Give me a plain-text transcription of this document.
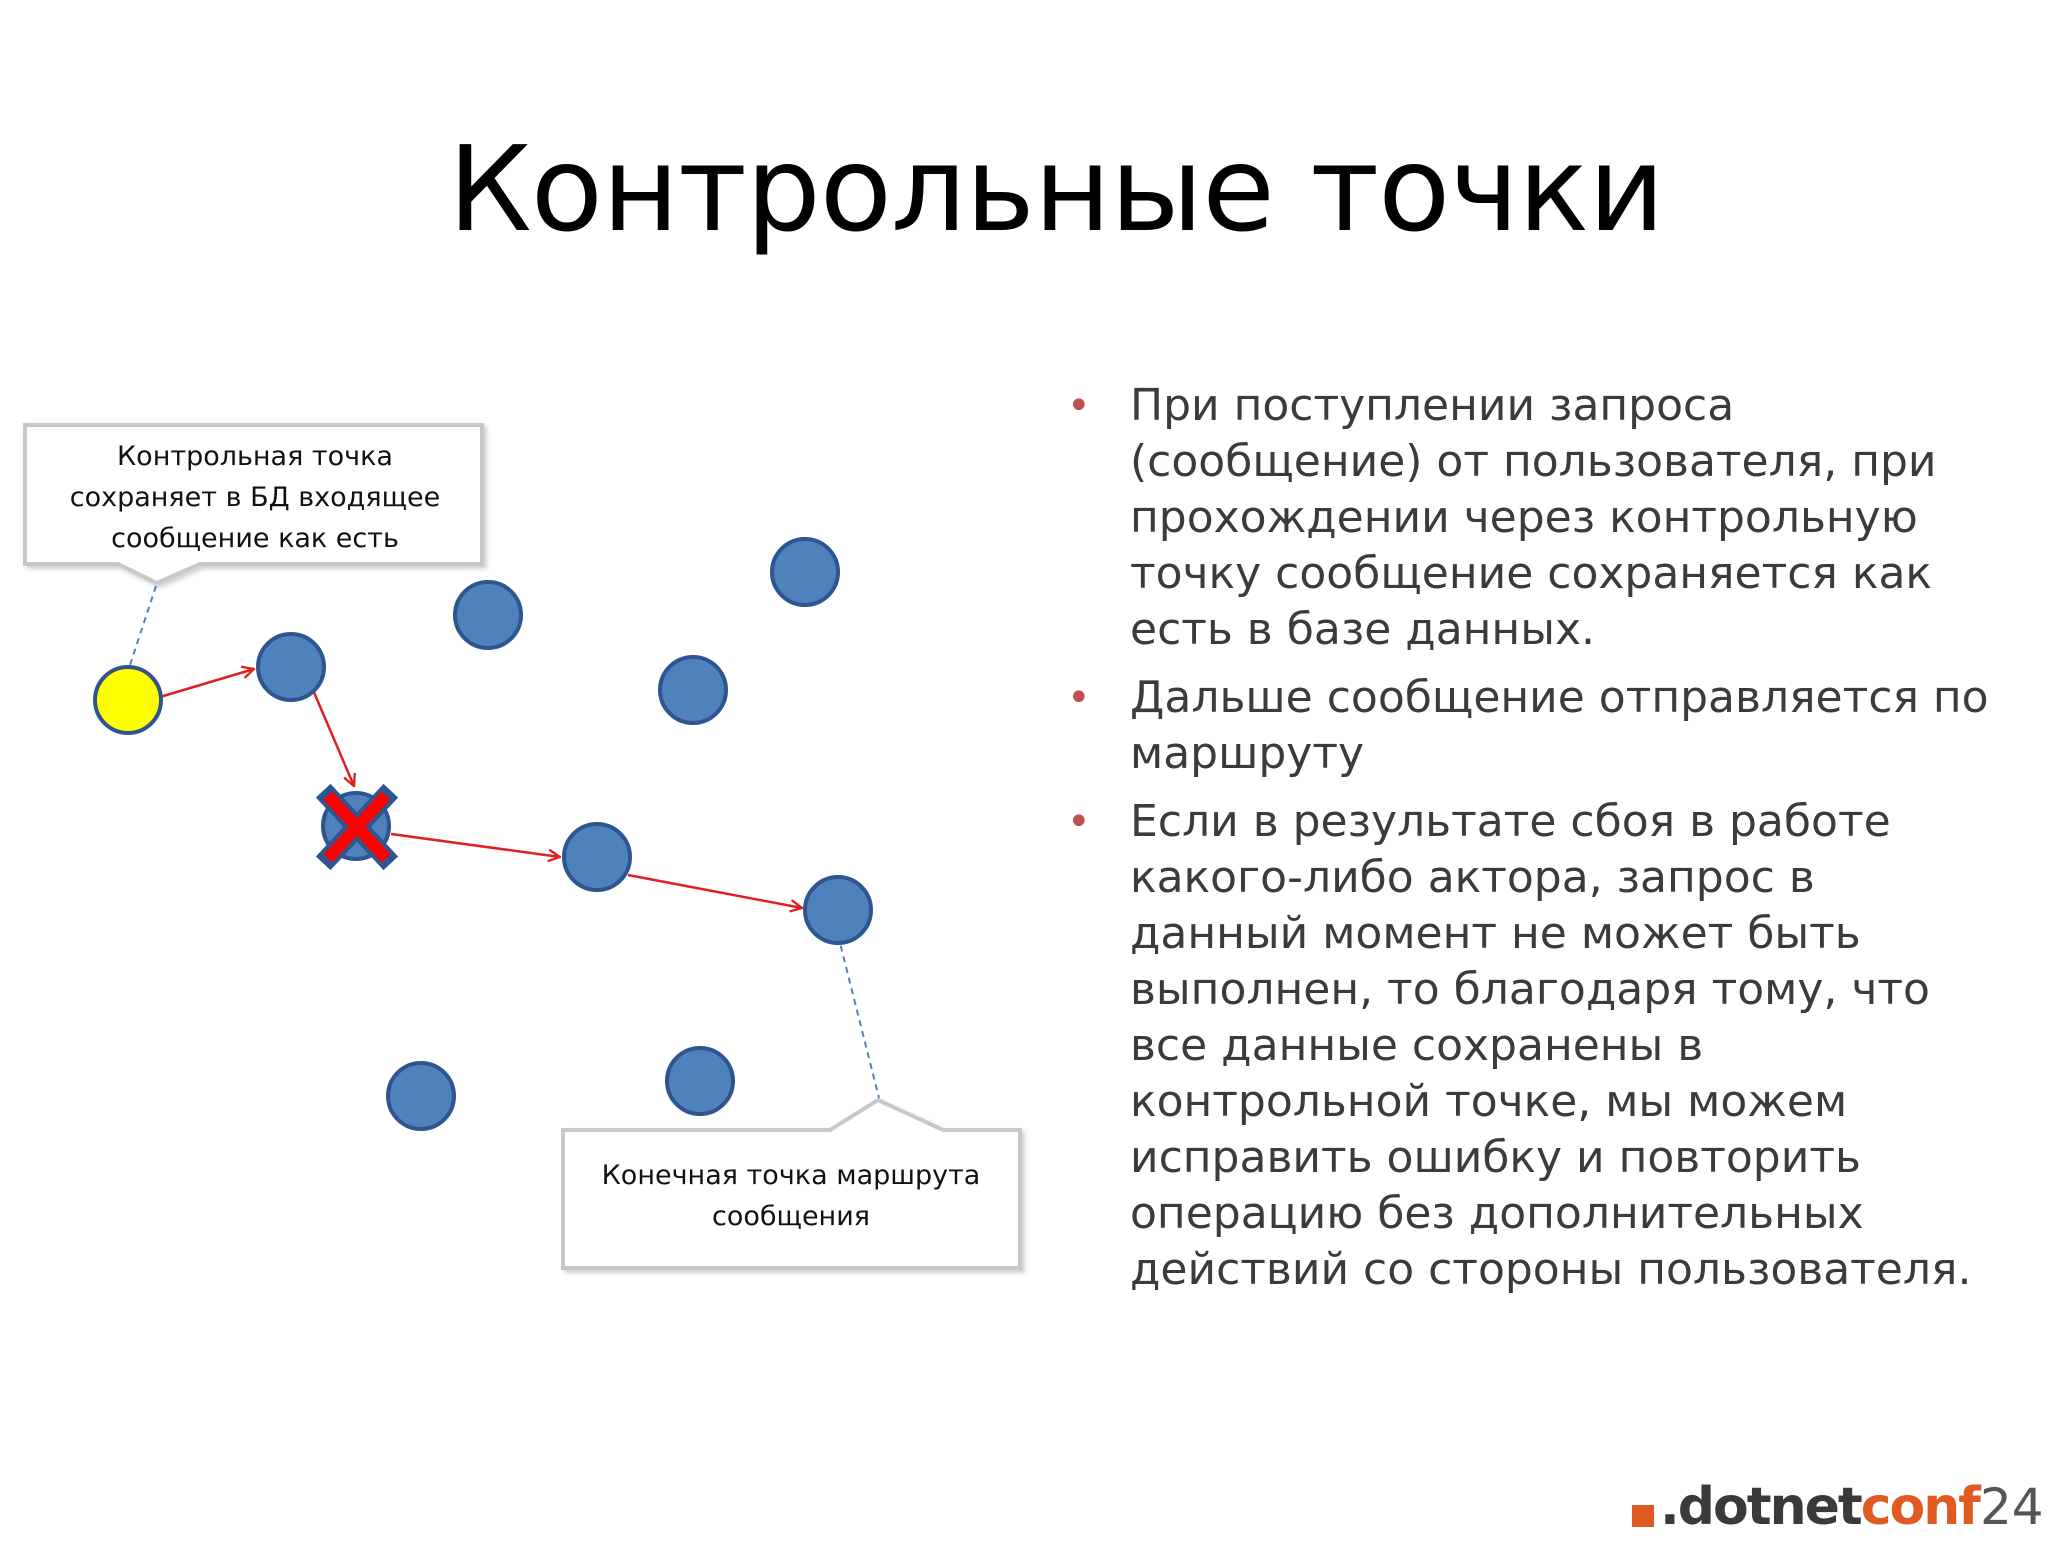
Контрольные точки
Контрольная точка
сохраняет в БД входящее
сообщение как есть
Конечная точка маршрута
сообщения
• При поступлении запроса (сообщение) от пользователя, при прохождении через контрольную точку сообщение сохраняется как есть в базе данных.
• Дальше сообщение отправляется по маршруту
• Если в результате сбоя в работе какого-либо актора, запрос в данный момент не может быть выполнен, то благодаря тому, что все данные сохранены в контрольной точке, мы можем исправить ошибку и повторить операцию без дополнительных действий со стороны пользователя.
. dotnet conf 24
